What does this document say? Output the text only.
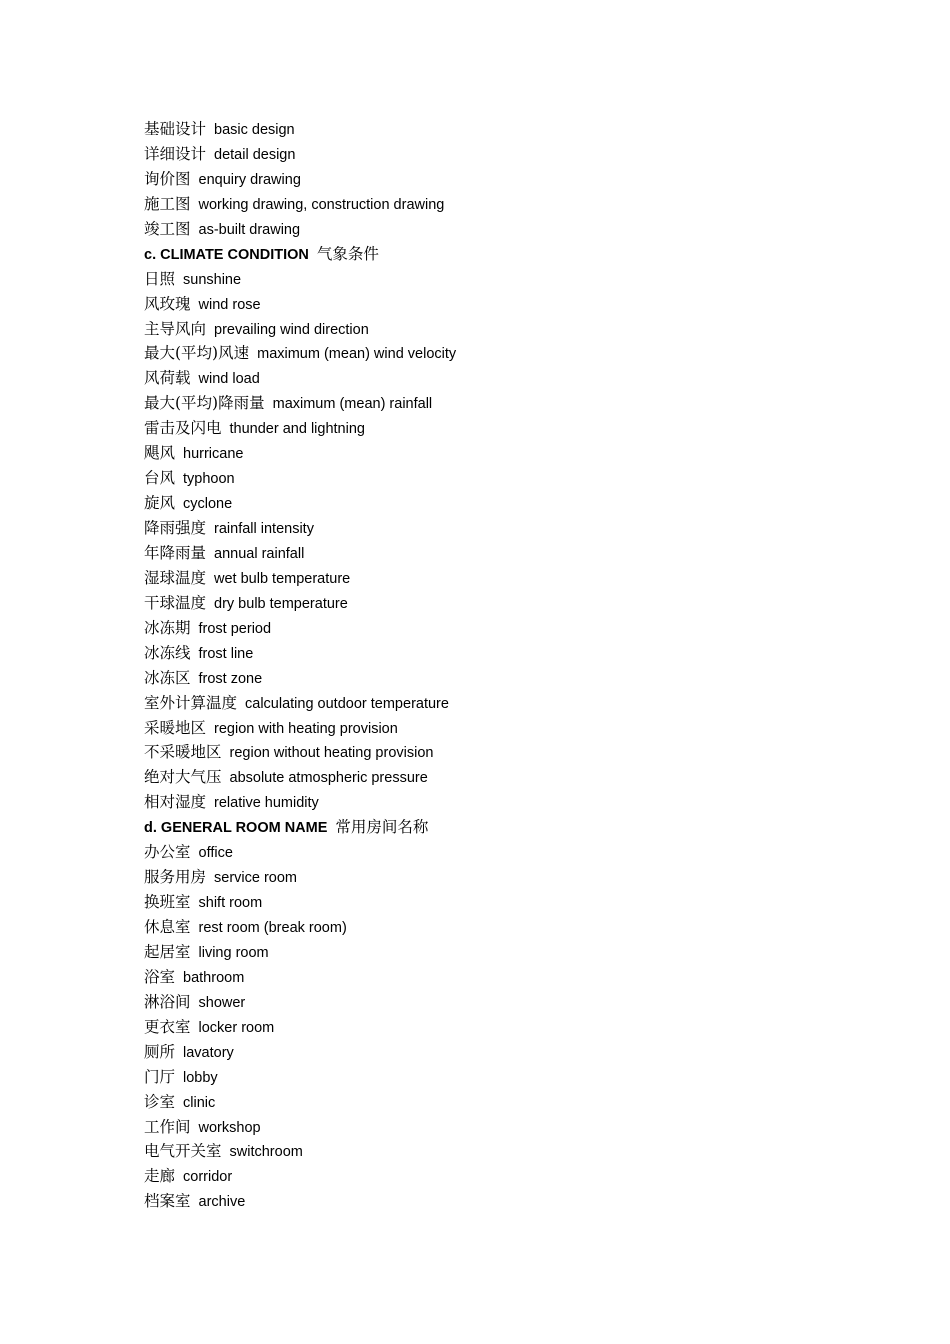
基础设计 basic design
详细设计 detail design
询价图 enquiry drawing
施工图 working drawing, construction drawing
竣工图 as-built drawing
c. CLIMATE CONDITION 气象条件
日照 sunshine
风玫瑰 wind rose
主导风向 prevailing wind direction
最大(平均)风速 maximum (mean) wind velocity
风荷载 wind load
最大(平均)降雨量 maximum (mean) rainfall
雷击及闪电 thunder and lightning
飓风 hurricane
台风 typhoon
旋风 cyclone
降雨强度 rainfall intensity
年降雨量 annual rainfall
湿球温度 wet bulb temperature
干球温度 dry bulb temperature
冰冻期 frost period
冰冻线 frost line
冰冻区 frost zone
室外计算温度 calculating outdoor temperature
采暖地区 region with heating provision
不采暖地区 region without heating provision
绝对大气压 absolute atmospheric pressure
相对湿度 relative humidity
d. GENERAL ROOM NAME 常用房间名称
办公室 office
服务用房 service room
换班室 shift room
休息室 rest room (break room)
起居室 living room
浴室 bathroom
淋浴间 shower
更衣室 locker room
厕所 lavatory
门厅 lobby
诊室 clinic
工作间 workshop
电气开关室 switchroom
走廊 corridor
档案室 archive
